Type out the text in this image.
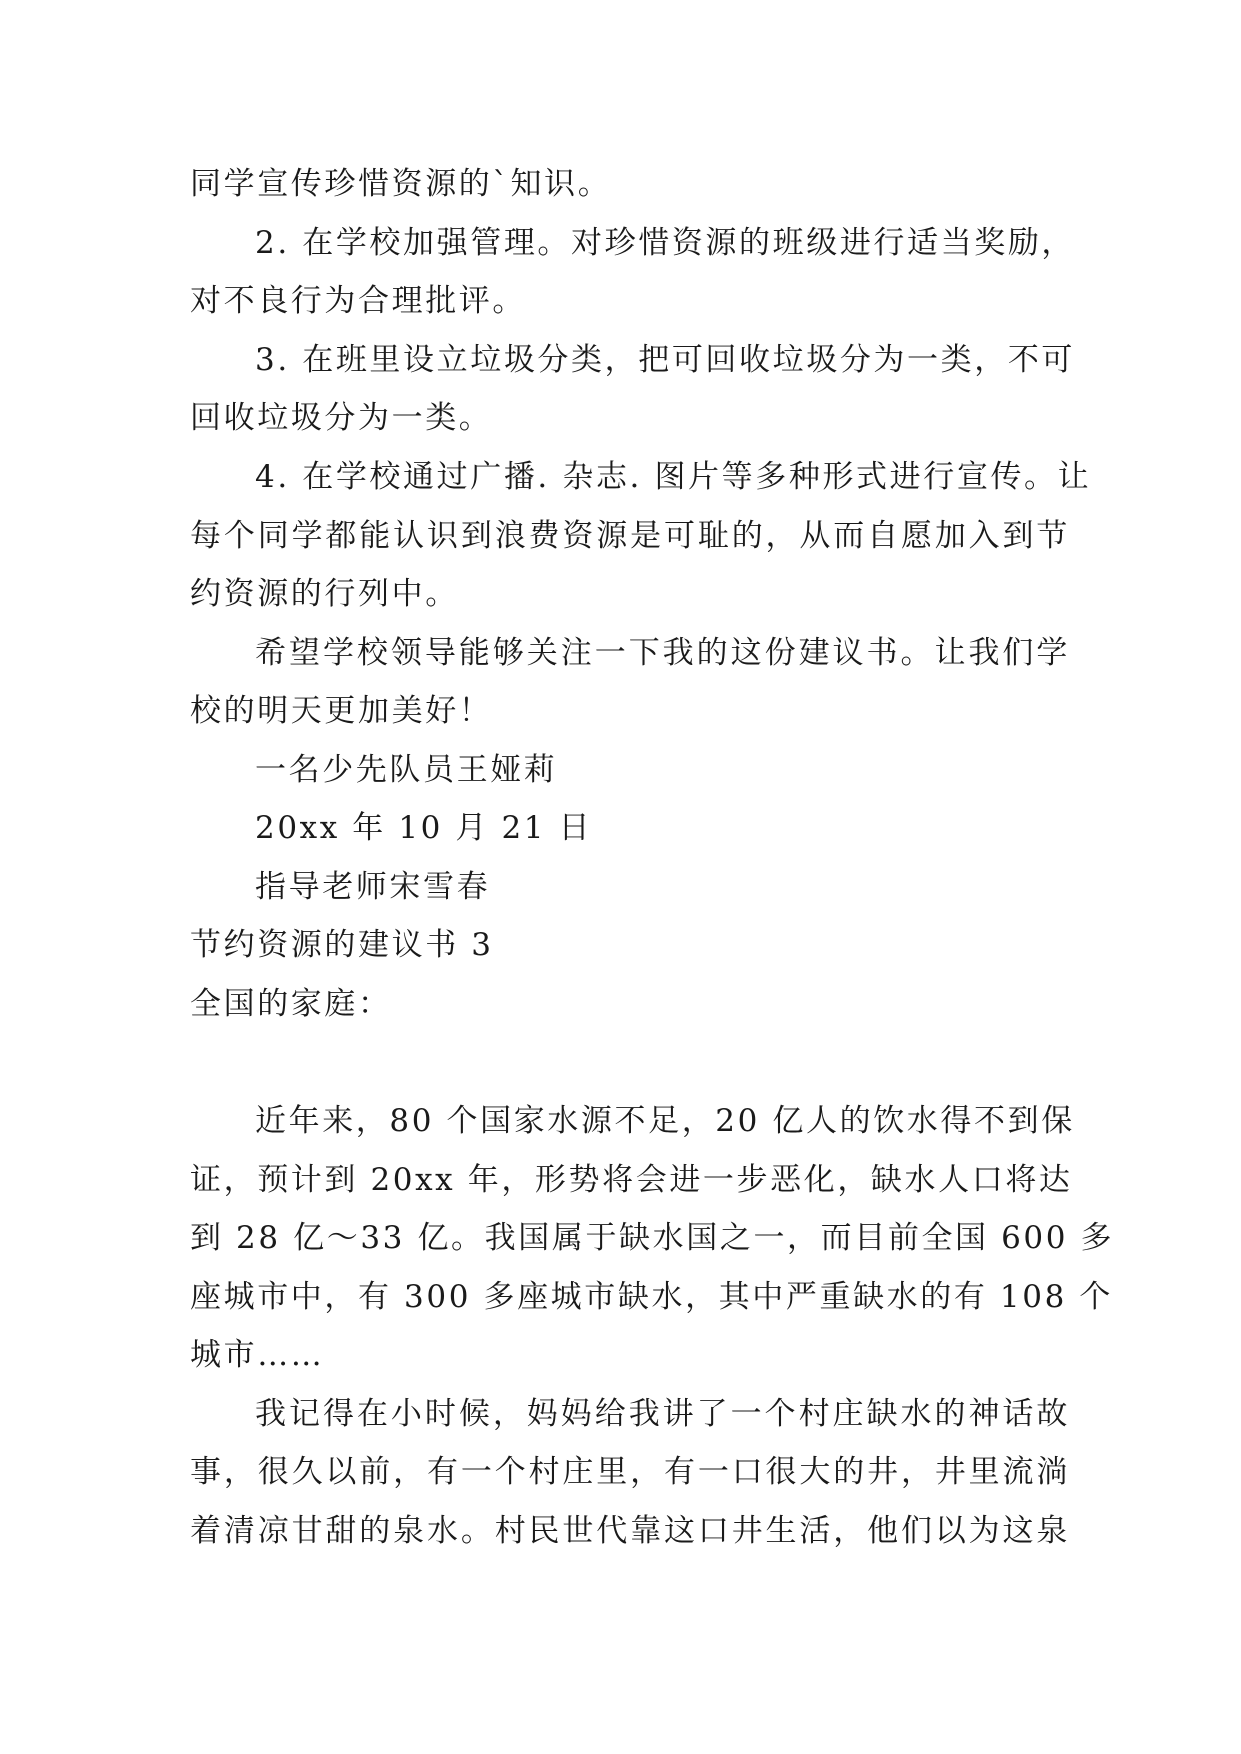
同学宣传珍惜资源的`知识。
2. 在学校加强管理。对珍惜资源的班级进行适当奖励，
对不良行为合理批评。
3. 在班里设立垃圾分类，把可回收垃圾分为一类，不可
回收垃圾分为一类。
4. 在学校通过广播. 杂志. 图片等多种形式进行宣传。让
每个同学都能认识到浪费资源是可耻的，从而自愿加入到节
约资源的行列中。
希望学校领导能够关注一下我的这份建议书。让我们学
校的明天更加美好！
一名少先队员王娅莉
20xx 年 10 月 21 日
指导老师宋雪春
节约资源的建议书 3
全国的家庭：
近年来，80 个国家水源不足，20 亿人的饮水得不到保
证，预计到 20xx 年，形势将会进一步恶化，缺水人口将达
到 28 亿～33 亿。我国属于缺水国之一，而目前全国 600 多
座城市中，有 300 多座城市缺水，其中严重缺水的有 108 个
城市……
我记得在小时候，妈妈给我讲了一个村庄缺水的神话故
事，很久以前，有一个村庄里，有一口很大的井，井里流淌
着清凉甘甜的泉水。村民世代靠这口井生活，他们以为这泉
